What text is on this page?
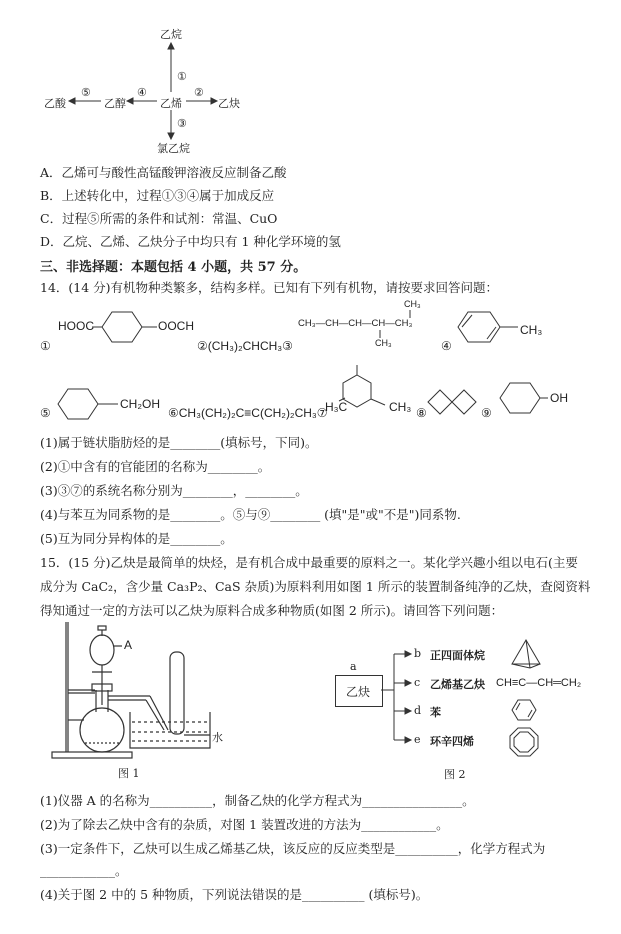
乙烷
①
乙酸
⑤
乙醇
④
乙烯
②
乙炔
③
氯乙烷
A．乙烯可与酸性高锰酸钾溶液反应制备乙酸
B．上述转化中，过程①③④属于加成反应
C．过程⑤所需的条件和试剂：常温、CuO
D．乙烷、乙烯、乙炔分子中均只有 1 种化学环境的氢
三、非选择题：本题包括 4 小题，共 57 分。
14．(14 分)有机物种类繁多，结构多样。已知有下列有机物，请按要求回答问题：
HOOC	OOCH
①	②(CH₃)₂CHCH₃③
CH₃
CH₃—CH—CH—CH—CH₃
CH₃	④
CH₃
⑤
CH₂OH
⑥CH₃(CH₂)₂C≡C(CH₂)₂CH₃⑦
H₃C	CH₃ ⑧	⑨
OH
(1)属于链状脂肪烃的是________(填标号，下同)。
(2)①中含有的官能团的名称为________。
(3)③⑦的系统名称分别为________，________。
(4)与苯互为同系物的是________。⑤与⑨________ (填"是"或"不是")同系物.
(5)互为同分异构体的是________。
15．(15 分)乙炔是最简单的炔烃，是有机合成中最重要的原料之一。某化学兴趣小组以电石(主要
成分为 CaC₂，含少量 Ca₃P₂、CaS 杂质)为原料利用如图 1 所示的装置制备纯净的乙炔，查阅资料
得知通过一定的方法可以乙炔为原料合成多种物质(如图 2 所示)。请回答下列问题：
A
水
图 1
a
乙炔
b 正四面体烷
c 乙烯基乙炔 CH≡C—CH═CH₂
d 苯
e 环辛四烯
图 2
(1)仪器 A 的名称为__________，制备乙炔的化学方程式为________________。
(2)为了除去乙炔中含有的杂质，对图 1 装置改进的方法为____________。
(3)一定条件下，乙炔可以生成乙烯基乙炔，该反应的反应类型是__________，化学方程式为
____________。
(4)关于图 2 中的 5 种物质，下列说法错误的是__________ (填标号)。
